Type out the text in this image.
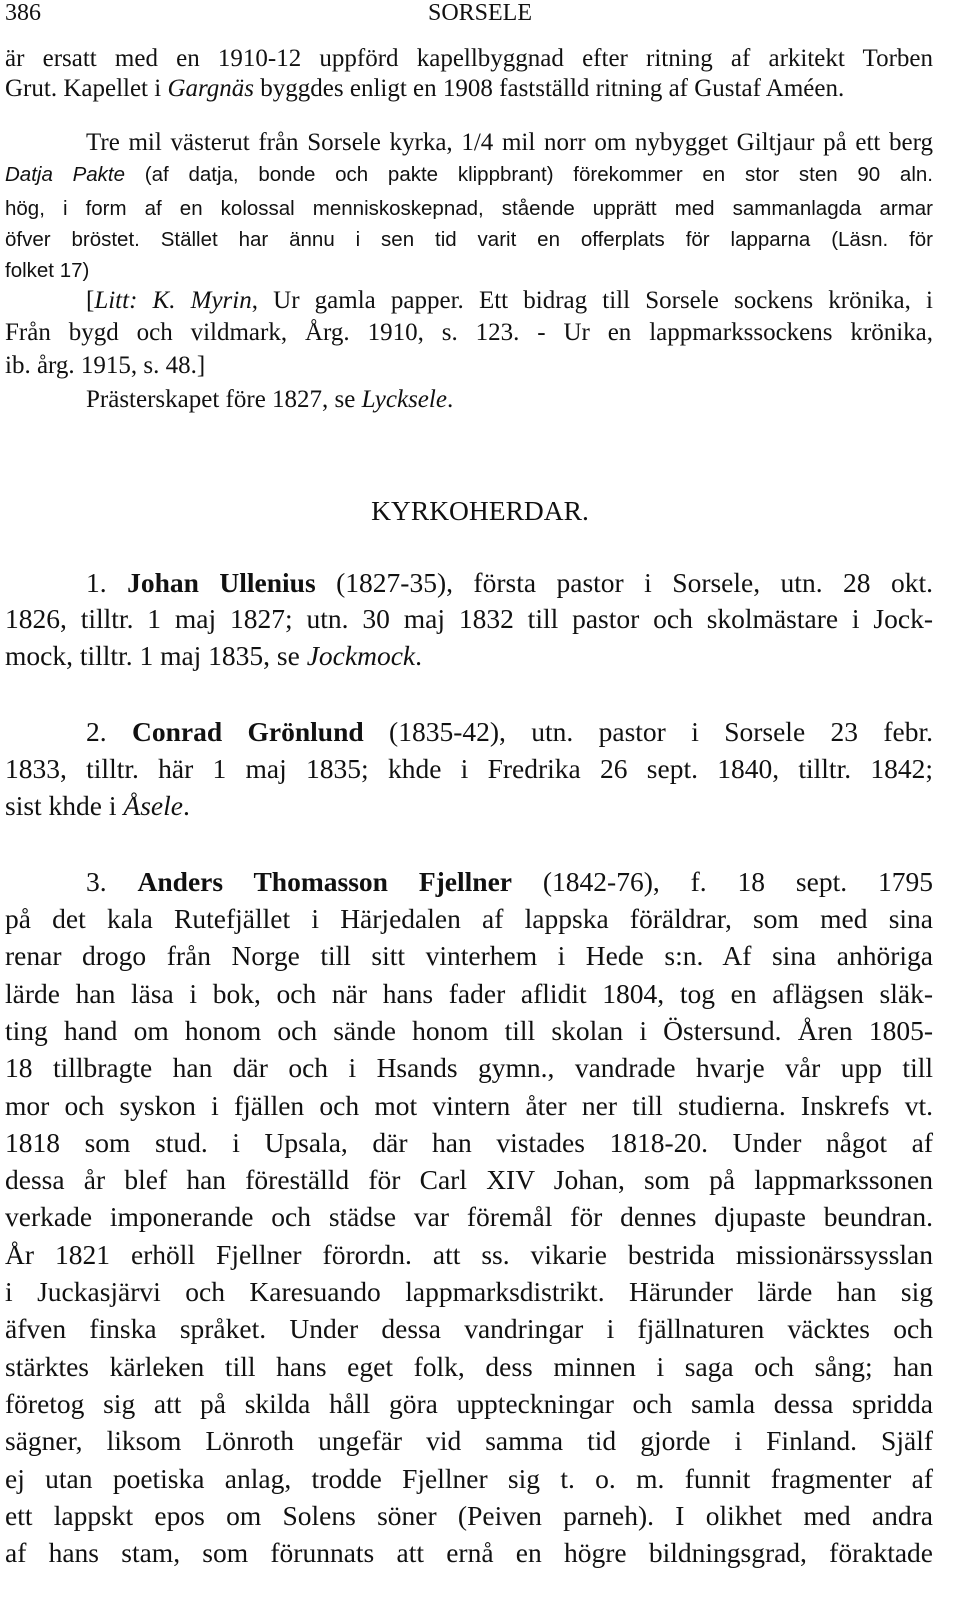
386	SORSELE
är ersatt med en 1910-12 uppförd kapellbyggnad efter ritning af arkitekt Torben
Grut. Kapellet i Gargnäs byggdes enligt en 1908 fastställd ritning af Gustaf Améen.
Tre mil västerut från Sorsele kyrka, 1/4 mil norr om nybygget Giltjaur på ett berg
Datja Pakte (af datja, bonde och pakte klippbrant) förekommer en stor sten 90 aln.
hög, i form af en kolossal menniskoskepnad, stående upprätt med sammanlagda armar
öfver bröstet. Stället har ännu i sen tid varit en offerplats för lapparna (Läsn. för
folket 17)
[Litt: K. Myrin, Ur gamla papper. Ett bidrag till Sorsele sockens krönika, i
Från bygd och vildmark, Årg. 1910, s. 123. - Ur en lappmarkssockens krönika,
ib. årg. 1915, s. 48.]
Prästerskapet före 1827, se Lycksele.
KYRKOHERDAR.
1. Johan Ullenius (1827-35), första pastor i Sorsele, utn. 28 okt.
1826, tilltr. 1 maj 1827; utn. 30 maj 1832 till pastor och skolmästare i Jock-
mock, tilltr. 1 maj 1835, se Jockmock.
2. Conrad Grönlund (1835-42), utn. pastor i Sorsele 23 febr.
1833, tilltr. här 1 maj 1835; khde i Fredrika 26 sept. 1840, tilltr. 1842;
sist khde i Åsele.
3. Anders Thomasson Fjellner (1842-76), f. 18 sept. 1795
på det kala Rutefjället i Härjedalen af lappska föräldrar, som med sina
renar drogo från Norge till sitt vinterhem i Hede s:n. Af sina anhöriga
lärde han läsa i bok, och när hans fader aflidit 1804, tog en aflägsen släk-
ting hand om honom och sände honom till skolan i Östersund. Åren 1805-
18 tillbragte han där och i Hsands gymn., vandrade hvarje vår upp till
mor och syskon i fjällen och mot vintern åter ner till studierna. Inskrefs vt.
1818 som stud. i Upsala, där han vistades 1818-20. Under något af
dessa år blef han föreställd för Carl XIV Johan, som på lappmarkssonen
verkade imponerande och städse var föremål för dennes djupaste beundran.
År 1821 erhöll Fjellner förordn. att ss. vikarie bestrida missionärssysslan
i Juckasjärvi och Karesuando lappmarksdistrikt. Härunder lärde han sig
äfven finska språket. Under dessa vandringar i fjällnaturen väcktes och
stärktes kärleken till hans eget folk, dess minnen i saga och sång; han
företog sig att på skilda håll göra uppteckningar och samla dessa spridda
sägner, liksom Lönroth ungefär vid samma tid gjorde i Finland. Själf
ej utan poetiska anlag, trodde Fjellner sig t. o. m. funnit fragmenter af
ett lappskt epos om Solens söner (Peiven parneh). I olikhet med andra
af hans stam, som förunnats att ernå en högre bildningsgrad, föraktade
